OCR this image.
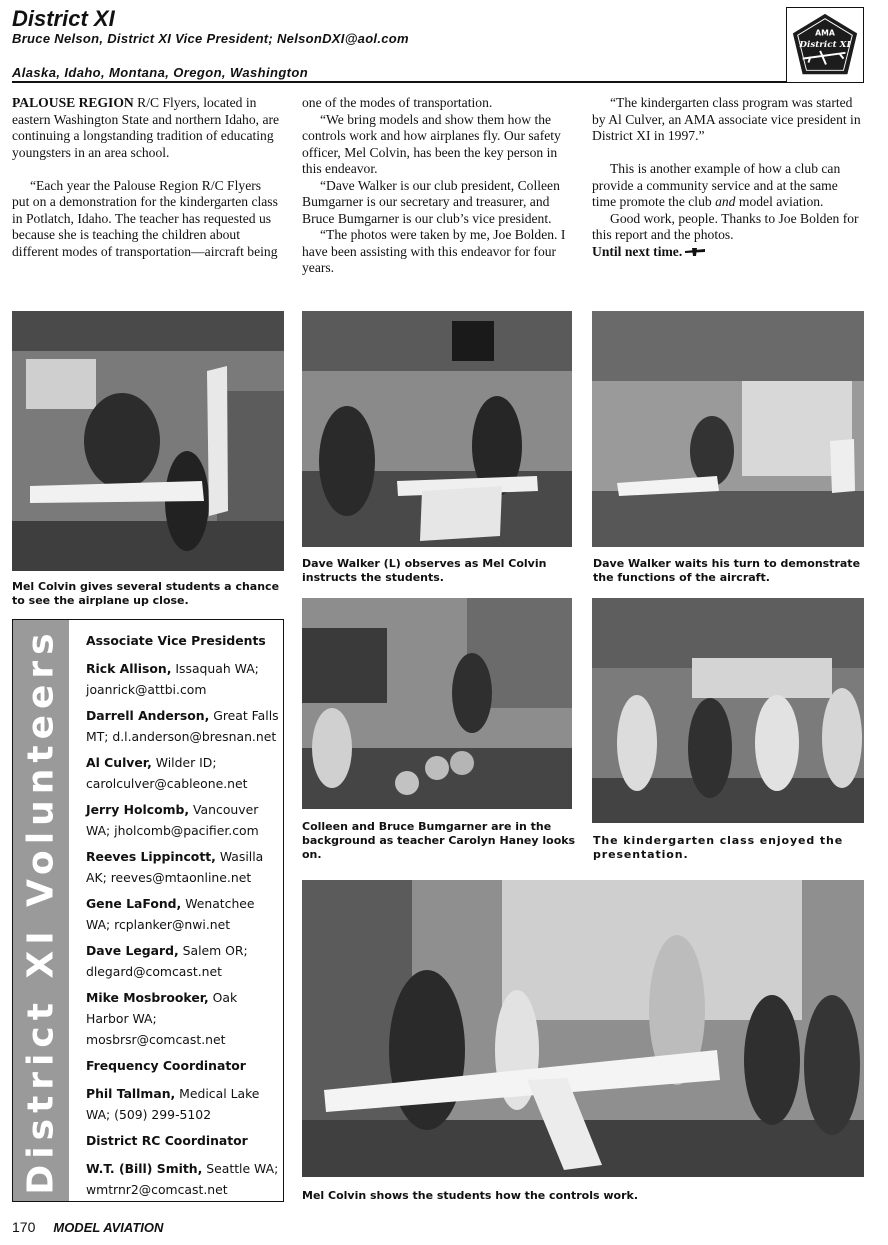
District XI
Bruce Nelson, District XI Vice President; NelsonDXI@aol.com
Alaska, Idaho, Montana, Oregon, Washington
AMA
District XI

PALOUSE REGION R/C Flyers, located in eastern Washington State and northern Idaho, are continuing a longstanding tradition of educating youngsters in an area school.

“Each year the Palouse Region R/C Flyers put on a demonstration for the kindergarten class in Potlatch, Idaho. The teacher has requested us because she is teaching the children about different modes of transportation—aircraft being

one of the modes of transportation.

“We bring models and show them how the controls work and how airplanes fly. Our safety officer, Mel Colvin, has been the key person in this endeavor.

“Dave Walker is our club president, Colleen Bumgarner is our secretary and treasurer, and Bruce Bumgarner is our club’s vice president.

“The photos were taken by me, Joe Bolden. I have been assisting with this endeavor for four years.

“The kindergarten class program was started by Al Culver, an AMA associate vice president in District XI in 1997.”

This is another example of how a club can provide a community service and at the same time promote the club and model aviation.

Good work, people. Thanks to Joe Bolden for this report and the photos.

Until next time.

Mel Colvin gives several students a chance to see the airplane up close.
Dave Walker (L) observes as Mel Colvin instructs the students.
Dave Walker waits his turn to demonstrate the functions of the aircraft.
Colleen and Bruce Bumgarner are in the background as teacher Carolyn Haney looks on.
The kindergarten class enjoyed the presentation.
Mel Colvin shows the students how the controls work.
District XI Volunteers Associate Vice Presidents
Rick Allison, Issaquah WA; joanrick@attbi.com
Darrell Anderson, Great Falls MT; d.l.anderson@bresnan.net
Al Culver, Wilder ID; carolculver@cableone.net
Jerry Holcomb, Vancouver WA; jholcomb@pacifier.com
Reeves Lippincott, Wasilla AK; reeves@mtaonline.net
Gene LaFond, Wenatchee WA; rcplanker@nwi.net
Dave Legard, Salem OR; dlegard@comcast.net
Mike Mosbrooker, Oak Harbor WA; mosbrsr@comcast.net
Frequency Coordinator
Phil Tallman, Medical Lake WA; (509) 299-5102
District RC Coordinator
W.T. (Bill) Smith, Seattle WA; wmtrnr2@comcast.net
170 MODEL AVIATION
